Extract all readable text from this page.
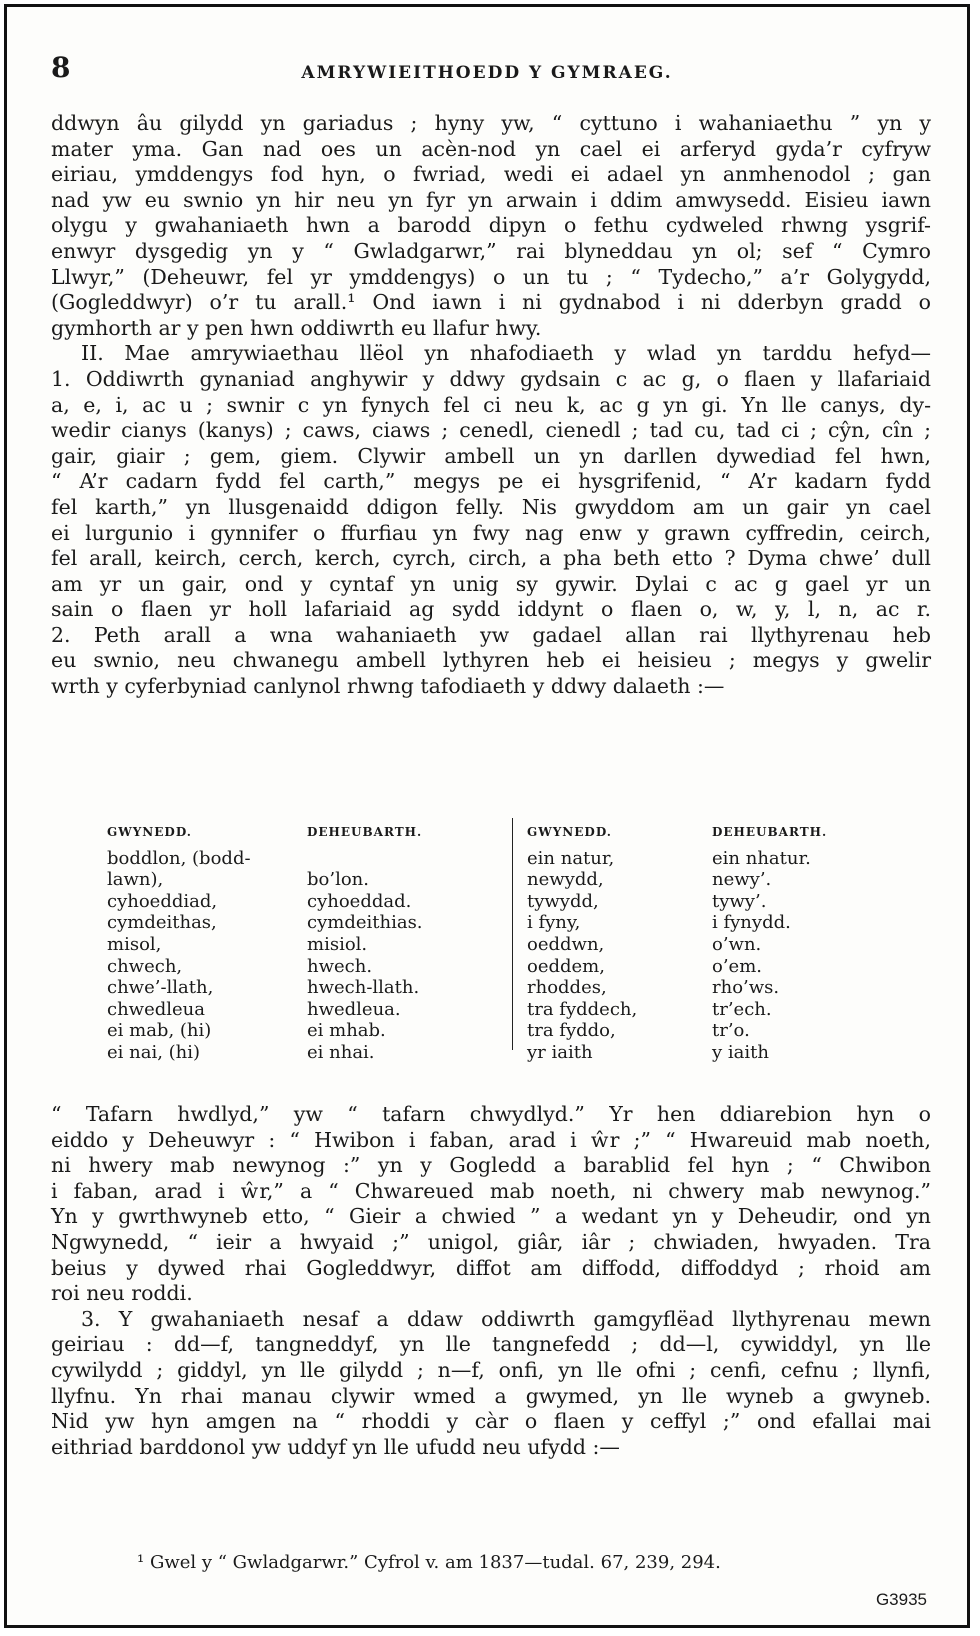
8	AMRYWIEITHOEDD Y GYMRAEG.

ddwyn âu gilydd yn gariadus ; hyny yw, “ cyttuno i wahaniaethu ” yn y
mater yma. Gan nad oes un acèn-nod yn cael ei arferyd gyda’r cyfryw
eiriau, ymddengys fod hyn, o fwriad, wedi ei adael yn anmhenodol ; gan
nad yw eu swnio yn hir neu yn fyr yn arwain i ddim amwysedd. Eisieu iawn
olygu y gwahaniaeth hwn a barodd dipyn o fethu cydweled rhwng ysgrif-
enwyr dysgedig yn y “ Gwladgarwr,” rai blyneddau yn ol; sef “ Cymro
Llwyr,” (Deheuwr, fel yr ymddengys) o un tu ; “ Tydecho,” a’r Golygydd,
(Gogleddwyr) o’r tu arall.¹ Ond iawn i ni gydnabod i ni dderbyn gradd o
gymhorth ar y pen hwn oddiwrth eu llafur hwy.

II. Mae amrywiaethau llëol yn nhafodiaeth y wlad yn tarddu hefyd—
1. Oddiwrth gynaniad anghywir y ddwy gydsain c ac g, o flaen y llafariaid
a, e, i, ac u ; swnir c yn fynych fel ci neu k, ac g yn gi. Yn lle canys, dy-
wedir cianys (kanys) ; caws, ciaws ; cenedl, cienedl ; tad cu, tad ci ; cŷn, cîn ;
gair, giair ; gem, giem. Clywir ambell un yn darllen dywediad fel hwn,
“ A’r cadarn fydd fel carth,” megys pe ei hysgrifenid, “ A’r kadarn fydd
fel karth,” yn llusgenaidd ddigon felly. Nis gwyddom am un gair yn cael
ei lurgunio i gynnifer o ffurfiau yn fwy nag enw y grawn cyffredin, ceirch,
fel arall, keirch, cerch, kerch, cyrch, circh, a pha beth etto ? Dyma chwe’ dull
am yr un gair, ond y cyntaf yn unig sy gywir. Dylai c ac g gael yr un
sain o flaen yr holl lafariaid ag sydd iddynt o flaen o, w, y, l, n, ac r.
2. Peth arall a wna wahaniaeth yw gadael allan rai llythyrenau heb
eu swnio, neu chwanegu ambell lythyren heb ei heisieu ; megys y gwelir
wrth y cyferbyniad canlynol rhwng tafodiaeth y ddwy dalaeth :—

GWYNEDD.
boddlon, (bodd-
lawn),
cyhoeddiad,
cymdeithas,
misol,
chwech,
chwe’-llath,
chwedleua
ei mab, (hi)
ei nai, (hi)
DEHEUBARTH.

bo’lon.
cyhoeddad.
cymdeithias.
misiol.
hwech.
hwech-llath.
hwedleua.
ei mhab.
ei nhai.
GWYNEDD.
ein natur,
newydd,
tywydd,
i fyny,
oeddwn,
oeddem,
rhoddes,
tra fyddech,
tra fyddo,
yr iaith
DEHEUBARTH.
ein nhatur.
newy’.
tywy’.
i fynydd.
o’wn.
o’em.
rho’ws.
tr’ech.
tr’o.
y iaith

“ Tafarn hwdlyd,” yw “ tafarn chwydlyd.” Yr hen ddiarebion hyn o
eiddo y Deheuwyr : “ Hwibon i faban, arad i ŵr ;” “ Hwareuid mab noeth,
ni hwery mab newynog :” yn y Gogledd a barablid fel hyn ; “ Chwibon
i faban, arad i ŵr,” a “ Chwareued mab noeth, ni chwery mab newynog.”
Yn y gwrthwyneb etto, “ Gieir a chwied ” a wedant yn y Deheudir, ond yn
Ngwynedd, “ ieir a hwyaid ;” unigol, giâr, iâr ; chwiaden, hwyaden. Tra
beius y dywed rhai Gogleddwyr, diffot am diffodd, diffoddyd ; rhoid am
roi neu roddi.

3. Y gwahaniaeth nesaf a ddaw oddiwrth gamgyflëad llythyrenau mewn
geiriau : dd—f, tangneddyf, yn lle tangnefedd ; dd—l, cywiddyl, yn lle
cywilydd ; giddyl, yn lle gilydd ; n—f, onfi, yn lle ofni ; cenfi, cefnu ; llynfi,
llyfnu. Yn rhai manau clywir wmed a gwymed, yn lle wyneb a gwyneb.
Nid yw hyn amgen na “ rhoddi y càr o flaen y ceffyl ;” ond efallai mai
eithriad barddonol yw uddyf yn lle ufudd neu ufydd :—

¹ Gwel y “ Gwladgarwr.” Cyfrol v. am 1837—tudal. 67, 239, 294.
G3935
